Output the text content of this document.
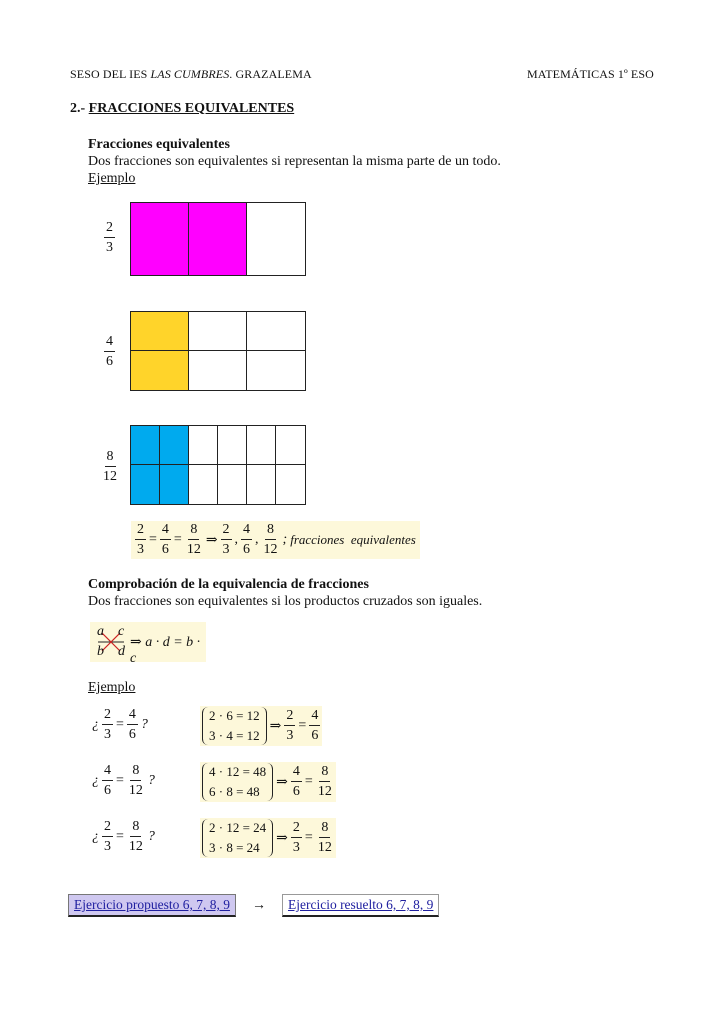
SESO DEL IES LAS CUMBRES. GRAZALEMA	MATEMÁTICAS 1º ESO
2.- FRACCIONES EQUIVALENTES
Fracciones equivalentes
Dos fracciones son equivalentes si representan la misma parte de un todo.
Ejemplo
$\frac{2}{3}$
$\frac{4}{6}$
$\frac{8}{12}$
$\frac{2}{3} = \frac{4}{6} = \frac{8}{12}$ ⇒ $\frac{2}{3}$ , $\frac{4}{6}$ , $\frac{8}{12}$ ; fracciones  equivalentes
Comprobación de la equivalencia de fracciones
Dos fracciones son equivalentes si los productos cruzados son iguales.
a
b
c
d
⇒ a · d = b · c
Ejemplo
¿ $\frac{2}{3} = \frac{4}{6}$ ?
2 · 6 = 12
3 · 4 = 12
⇒ $\frac{2}{3} = \frac{4}{6}$
¿ $\frac{4}{6} = \frac{8}{12}$ ?
4 · 12 = 48
6 · 8 = 48
⇒ $\frac{4}{6} = \frac{8}{12}$
¿ $\frac{2}{3} = \frac{8}{12}$ ?
2 · 12 = 24
3 · 8 = 24
⇒ $\frac{2}{3} = \frac{8}{12}$
Ejercicio propuesto 6, 7, 8, 9	→	Ejercicio resuelto 6, 7, 8, 9
